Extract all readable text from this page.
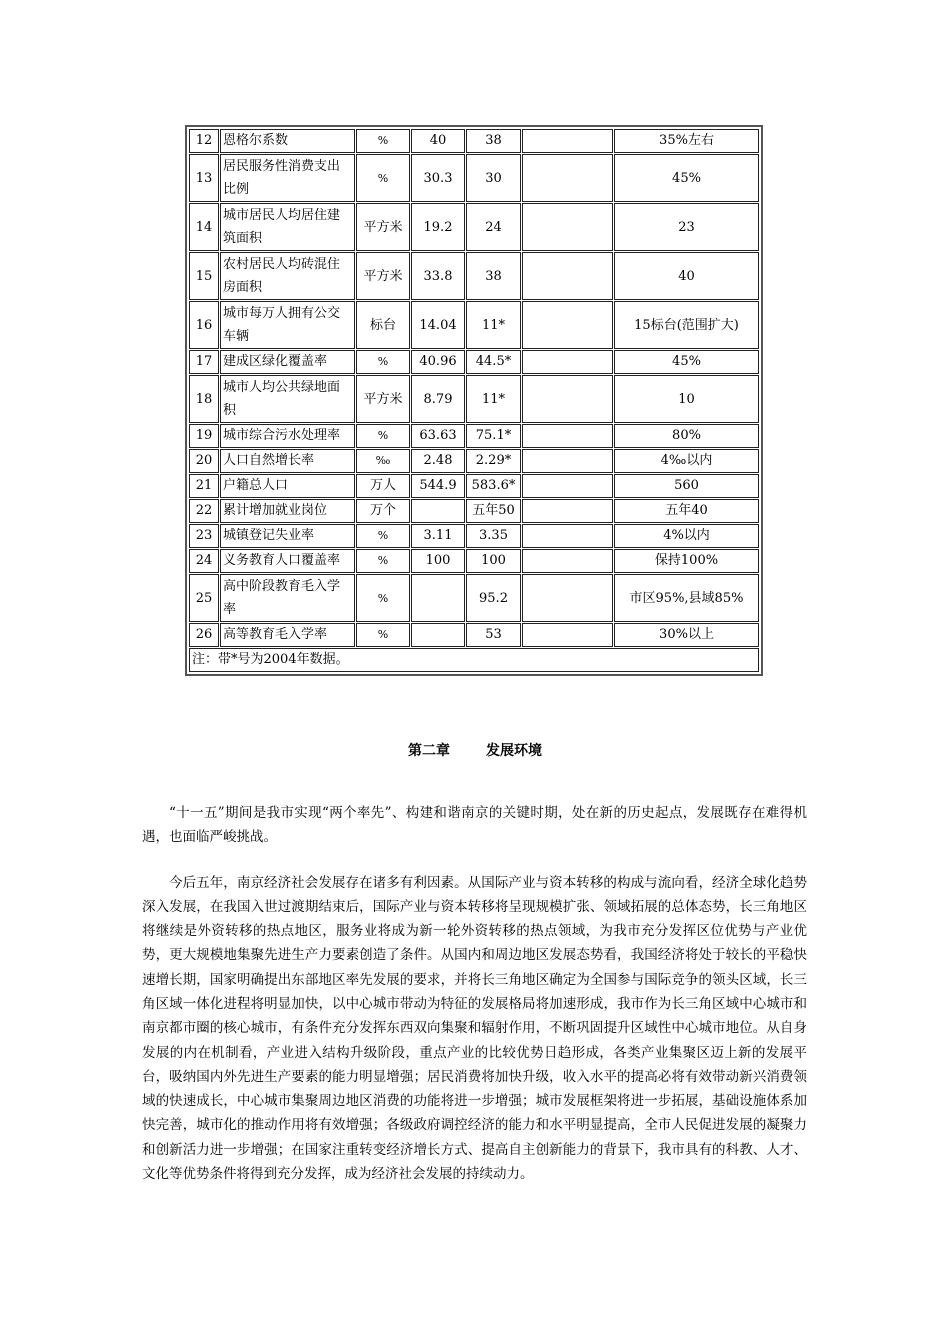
12	恩格尔系数	%	40	38		35%左右
13	居民服务性消费支出比例	%	30.3	30		45%
14	城市居民人均居住建筑面积	平方米	19.2	24		23
15	农村居民人均砖混住房面积	平方米	33.8	38		40
16	城市每万人拥有公交车辆	标台	14.04	11*		15标台(范围扩大)
17	建成区绿化覆盖率	%	40.96	44.5*		45%
18	城市人均公共绿地面积	平方米	8.79	11*		10
19	城市综合污水处理率	%	63.63	75.1*		80%
20	人口自然增长率	‰	2.48	2.29*		4‰以内
21	户籍总人口	万人	544.9	583.6*		560
22	累计增加就业岗位	万个		五年50		五年40
23	城镇登记失业率	%	3.11	3.35		4%以内
24	义务教育人口覆盖率	%	100	100		保持100%
25	高中阶段教育毛入学率	%		95.2		市区95%,县域85%
26	高等教育毛入学率	%		53		30%以上
注：带*号为2004年数据。						
第二章	发展环境

“十一五”期间是我市实现“两个率先”、构建和谐南京的关键时期，处在新的历史起点，发展既存在难得机遇，也面临严峻挑战。

今后五年，南京经济社会发展存在诸多有利因素。从国际产业与资本转移的构成与流向看，经济全球化趋势深入发展，在我国入世过渡期结束后，国际产业与资本转移将呈现规模扩张、领域拓展的总体态势，长三角地区将继续是外资转移的热点地区，服务业将成为新一轮外资转移的热点领域，为我市充分发挥区位优势与产业优势，更大规模地集聚先进生产力要素创造了条件。从国内和周边地区发展态势看，我国经济将处于较长的平稳快速增长期，国家明确提出东部地区率先发展的要求，并将长三角地区确定为全国参与国际竞争的领头区域，长三角区域一体化进程将明显加快，以中心城市带动为特征的发展格局将加速形成，我市作为长三角区域中心城市和南京都市圈的核心城市，有条件充分发挥东西双向集聚和辐射作用，不断巩固提升区域性中心城市地位。从自身发展的内在机制看，产业进入结构升级阶段，重点产业的比较优势日趋形成，各类产业集聚区迈上新的发展平台，吸纳国内外先进生产要素的能力明显增强；居民消费将加快升级，收入水平的提高必将有效带动新兴消费领域的快速成长，中心城市集聚周边地区消费的功能将进一步增强；城市发展框架将进一步拓展，基础设施体系加快完善，城市化的推动作用将有效增强；各级政府调控经济的能力和水平明显提高，全市人民促进发展的凝聚力和创新活力进一步增强；在国家注重转变经济增长方式、提高自主创新能力的背景下，我市具有的科教、人才、文化等优势条件将得到充分发挥，成为经济社会发展的持续动力。
